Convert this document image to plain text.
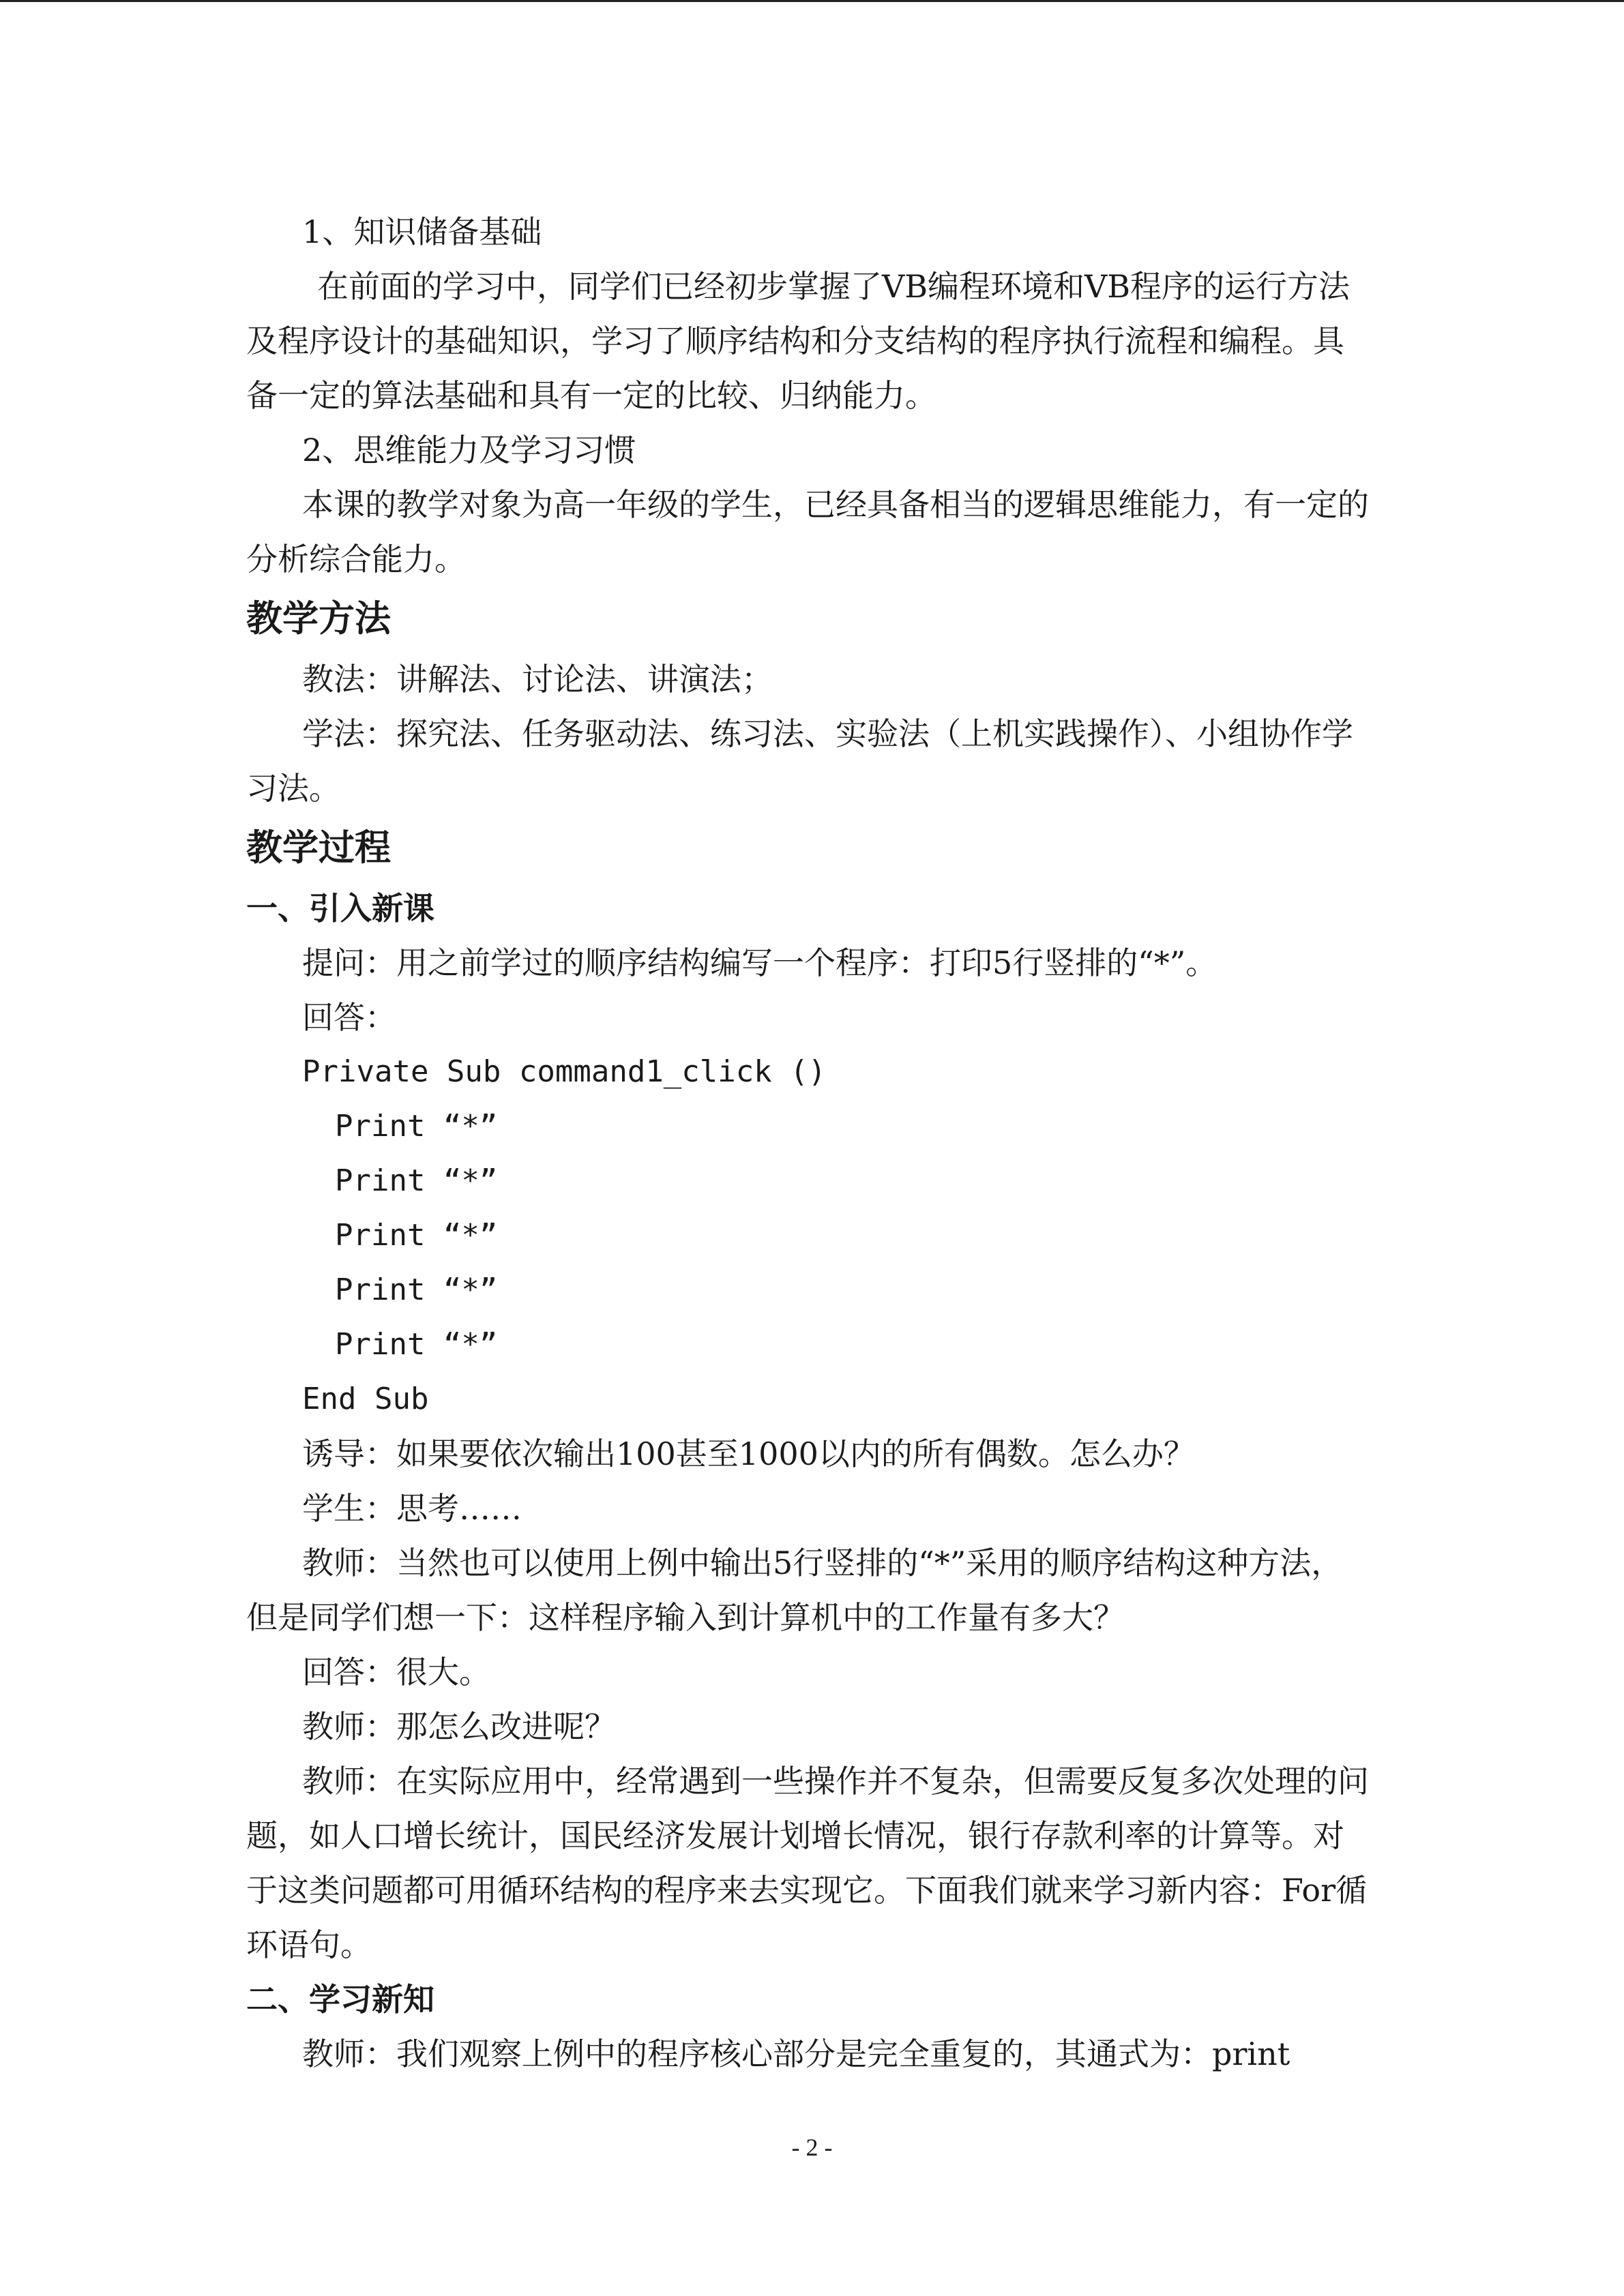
1、知识储备基础

在前面的学习中，同学们已经初步掌握了VB编程环境和VB程序的运行方法及程序设计的基础知识，学习了顺序结构和分支结构的程序执行流程和编程。具备一定的算法基础和具有一定的比较、归纳能力。

2、思维能力及学习习惯

本课的教学对象为高一年级的学生，已经具备相当的逻辑思维能力，有一定的分析综合能力。

教学方法

教法：讲解法、讨论法、讲演法；

学法：探究法、任务驱动法、练习法、实验法（上机实践操作）、小组协作学习法。

教学过程
一、引入新课

提问：用之前学过的顺序结构编写一个程序：打印5行竖排的“*”。

回答：

Private Sub command1_click ()

Print “*”

Print “*”

Print “*”

Print “*”

Print “*”

End Sub

诱导：如果要依次输出100甚至1000以内的所有偶数。怎么办？

学生：思考……

教师：当然也可以使用上例中输出5行竖排的“*”采用的顺序结构这种方法，但是同学们想一下：这样程序输入到计算机中的工作量有多大？

回答：很大。

教师：那怎么改进呢？

教师：在实际应用中，经常遇到一些操作并不复杂，但需要反复多次处理的问题，如人口增长统计，国民经济发展计划增长情况，银行存款利率的计算等。对于这类问题都可用循环结构的程序来去实现它。下面我们就来学习新内容：For循环语句。

二、学习新知

教师：我们观察上例中的程序核心部分是完全重复的，其通式为：print

- 2 -
